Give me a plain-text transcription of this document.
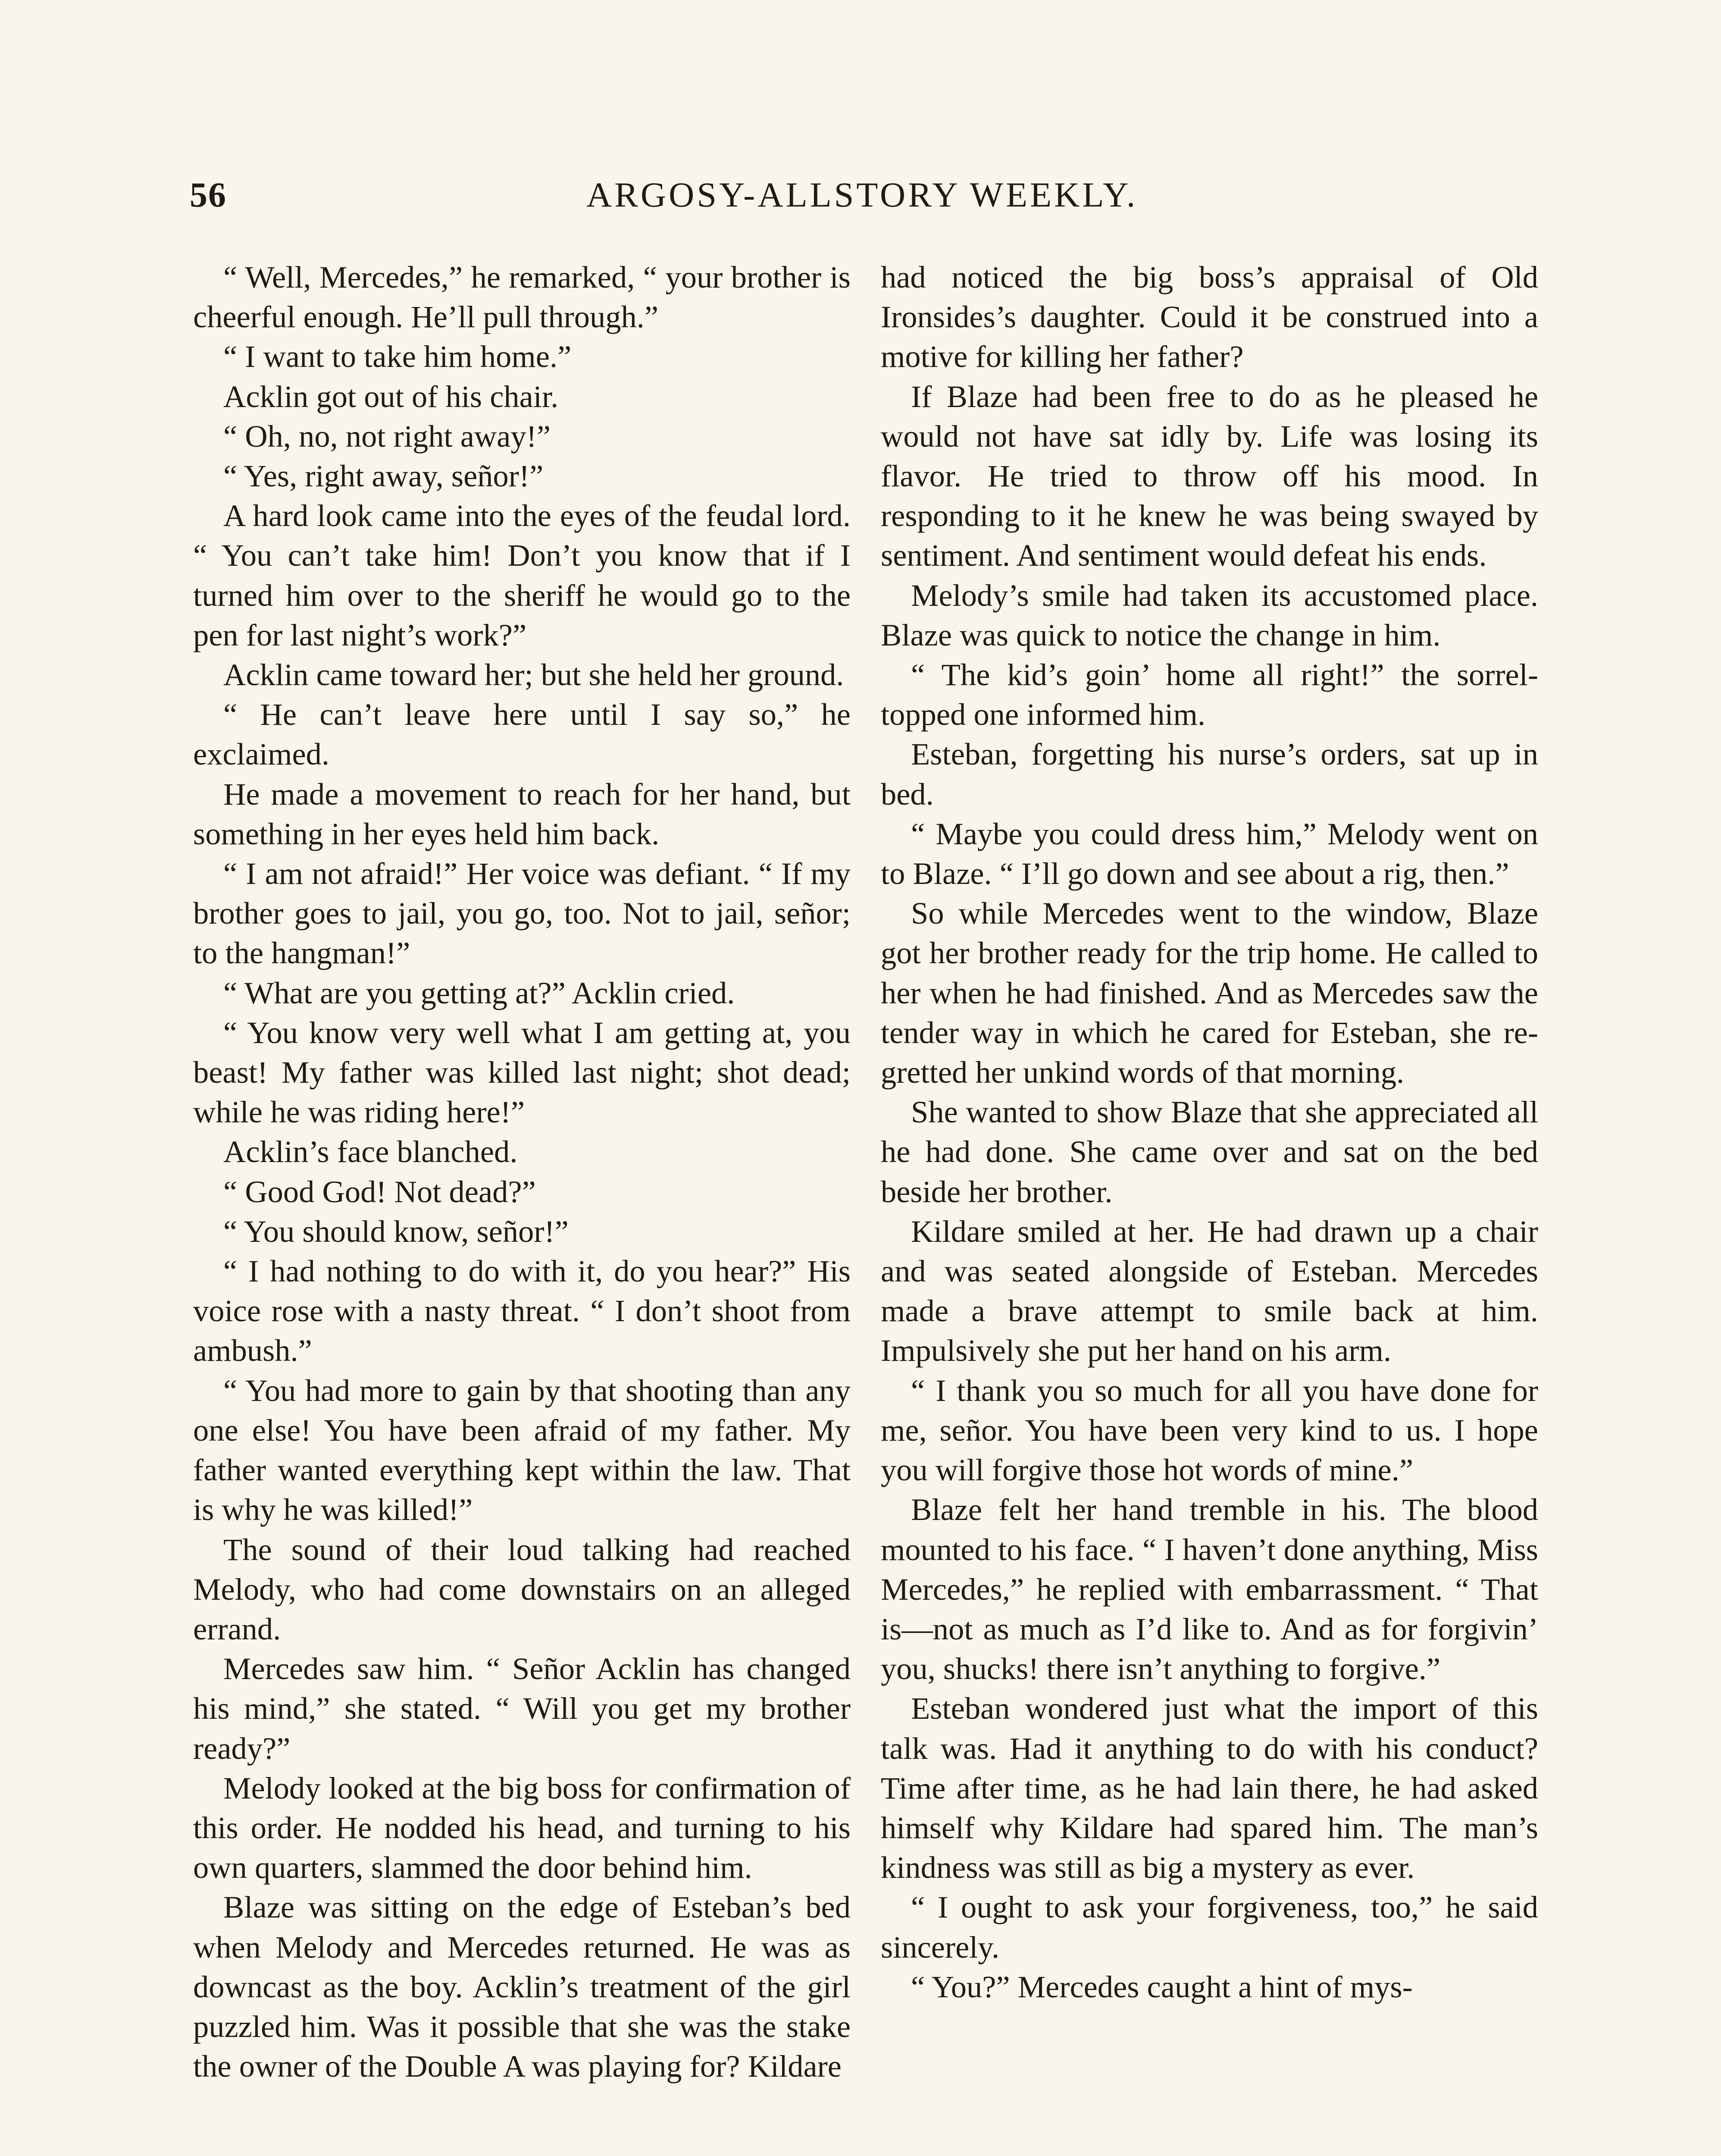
56	ARGOSY-ALLSTORY WEEKLY.

“ Well, Mercedes,” he remarked, “ your brother is cheerful enough. He’ll pull through.”

“ I want to take him home.”

Acklin got out of his chair.

“ Oh, no, not right away!”

“ Yes, right away, señor!”

A hard look came into the eyes of the feudal lord. “ You can’t take him! Don’t you know that if I turned him over to the sheriff he would go to the pen for last night’s work?”

Acklin came toward her; but she held her ground.

“ He can’t leave here until I say so,” he exclaimed.

He made a movement to reach for her hand, but something in her eyes held him back.

“ I am not afraid!” Her voice was defiant. “ If my brother goes to jail, you go, too. Not to jail, señor; to the hangman!”

“ What are you getting at?” Acklin cried.

“ You know very well what I am getting at, you beast! My father was killed last night; shot dead; while he was riding here!”

Acklin’s face blanched.

“ Good God! Not dead?”

“ You should know, señor!”

“ I had nothing to do with it, do you hear?” His voice rose with a nasty threat. “ I don’t shoot from ambush.”

“ You had more to gain by that shooting than any one else! You have been afraid of my father. My father wanted everything kept within the law. That is why he was killed!”

The sound of their loud talking had reached Melody, who had come downstairs on an alleged errand.

Mercedes saw him. “ Señor Acklin has changed his mind,” she stated. “ Will you get my brother ready?”

Melody looked at the big boss for confirmation of this order. He nodded his head, and turning to his own quarters, slammed the door behind him.

Blaze was sitting on the edge of Esteban’s bed when Melody and Mercedes returned. He was as downcast as the boy. Acklin’s treatment of the girl puzzled him. Was it possible that she was the stake the owner of the Double A was playing for? Kildare

had noticed the big boss’s appraisal of Old Ironsides’s daughter. Could it be construed into a motive for killing her father?

If Blaze had been free to do as he pleased he would not have sat idly by. Life was losing its flavor. He tried to throw off his mood. In responding to it he knew he was being swayed by sentiment. And sentiment would defeat his ends.

Melody’s smile had taken its accustomed place. Blaze was quick to notice the change in him.

“ The kid’s goin’ home all right!” the sorrel-topped one informed him.

Esteban, forgetting his nurse’s orders, sat up in bed.

“ Maybe you could dress him,” Melody went on to Blaze. “ I’ll go down and see about a rig, then.”

So while Mercedes went to the window, Blaze got her brother ready for the trip home. He called to her when he had finished. And as Mercedes saw the tender way in which he cared for Esteban, she regretted her unkind words of that morning.

She wanted to show Blaze that she appreciated all he had done. She came over and sat on the bed beside her brother.

Kildare smiled at her. He had drawn up a chair and was seated alongside of Esteban. Mercedes made a brave attempt to smile back at him. Impulsively she put her hand on his arm.

“ I thank you so much for all you have done for me, señor. You have been very kind to us. I hope you will forgive those hot words of mine.”

Blaze felt her hand tremble in his. The blood mounted to his face. “ I haven’t done anything, Miss Mercedes,” he replied with embarrassment. “ That is—not as much as I’d like to. And as for forgivin’ you, shucks! there isn’t anything to forgive.”

Esteban wondered just what the import of this talk was. Had it anything to do with his conduct? Time after time, as he had lain there, he had asked himself why Kildare had spared him. The man’s kindness was still as big a mystery as ever.

“ I ought to ask your forgiveness, too,” he said sincerely.

“ You?” Mercedes caught a hint of mys-
